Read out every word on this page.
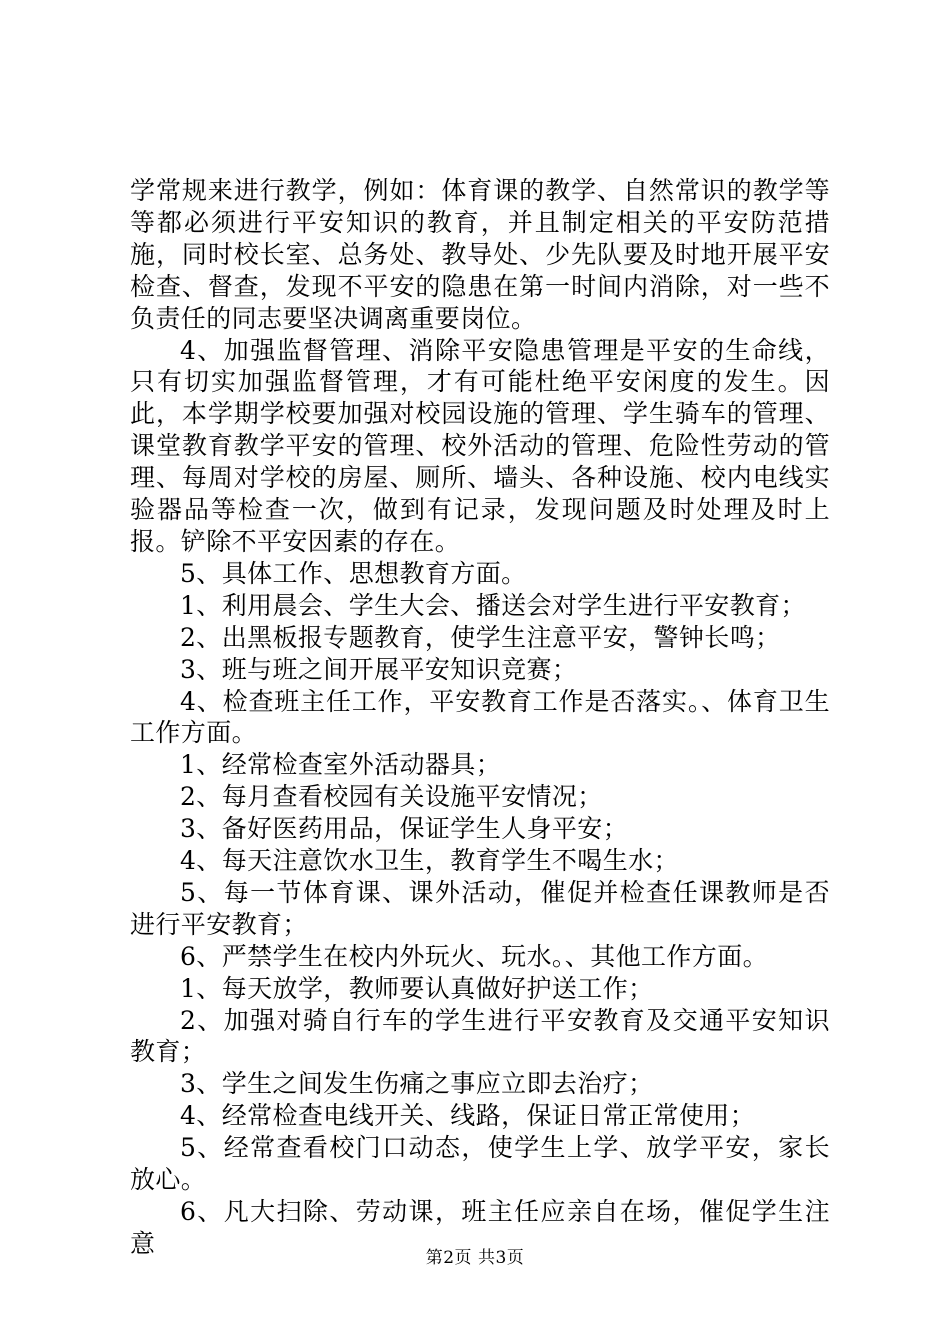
学常规来进行教学，例如：体育课的教学、自然常识的教学等等都必须进行平安知识的教育，并且制定相关的平安防范措施，同时校长室、总务处、教导处、少先队要及时地开展平安检查、督查，发现不平安的隐患在第一时间内消除，对一些不负责任的同志要坚决调离重要岗位。

4、加强监督管理、消除平安隐患管理是平安的生命线，只有切实加强监督管理，才有可能杜绝平安闲度的发生。因此，本学期学校要加强对校园设施的管理、学生骑车的管理、课堂教育教学平安的管理、校外活动的管理、危险性劳动的管理、每周对学校的房屋、厕所、墙头、各种设施、校内电线实验器品等检查一次，做到有记录，发现问题及时处理及时上报。铲除不平安因素的存在。

5、具体工作、思想教育方面。

1、利用晨会、学生大会、播送会对学生进行平安教育；

2、出黑板报专题教育，使学生注意平安，警钟长鸣；

3、班与班之间开展平安知识竞赛；

4、检查班主任工作，平安教育工作是否落实。、体育卫生工作方面。

1、经常检查室外活动器具；

2、每月查看校园有关设施平安情况；

3、备好医药用品，保证学生人身平安；

4、每天注意饮水卫生，教育学生不喝生水；

5、每一节体育课、课外活动，催促并检查任课教师是否进行平安教育；

6、严禁学生在校内外玩火、玩水。、其他工作方面。

1、每天放学，教师要认真做好护送工作；

2、加强对骑自行车的学生进行平安教育及交通平安知识教育；

3、学生之间发生伤痛之事应立即去治疗；

4、经常检查电线开关、线路，保证日常正常使用；

5、经常查看校门口动态，使学生上学、放学平安，家长放心。

6、凡大扫除、劳动课，班主任应亲自在场，催促学生注意

第2页 共3页
